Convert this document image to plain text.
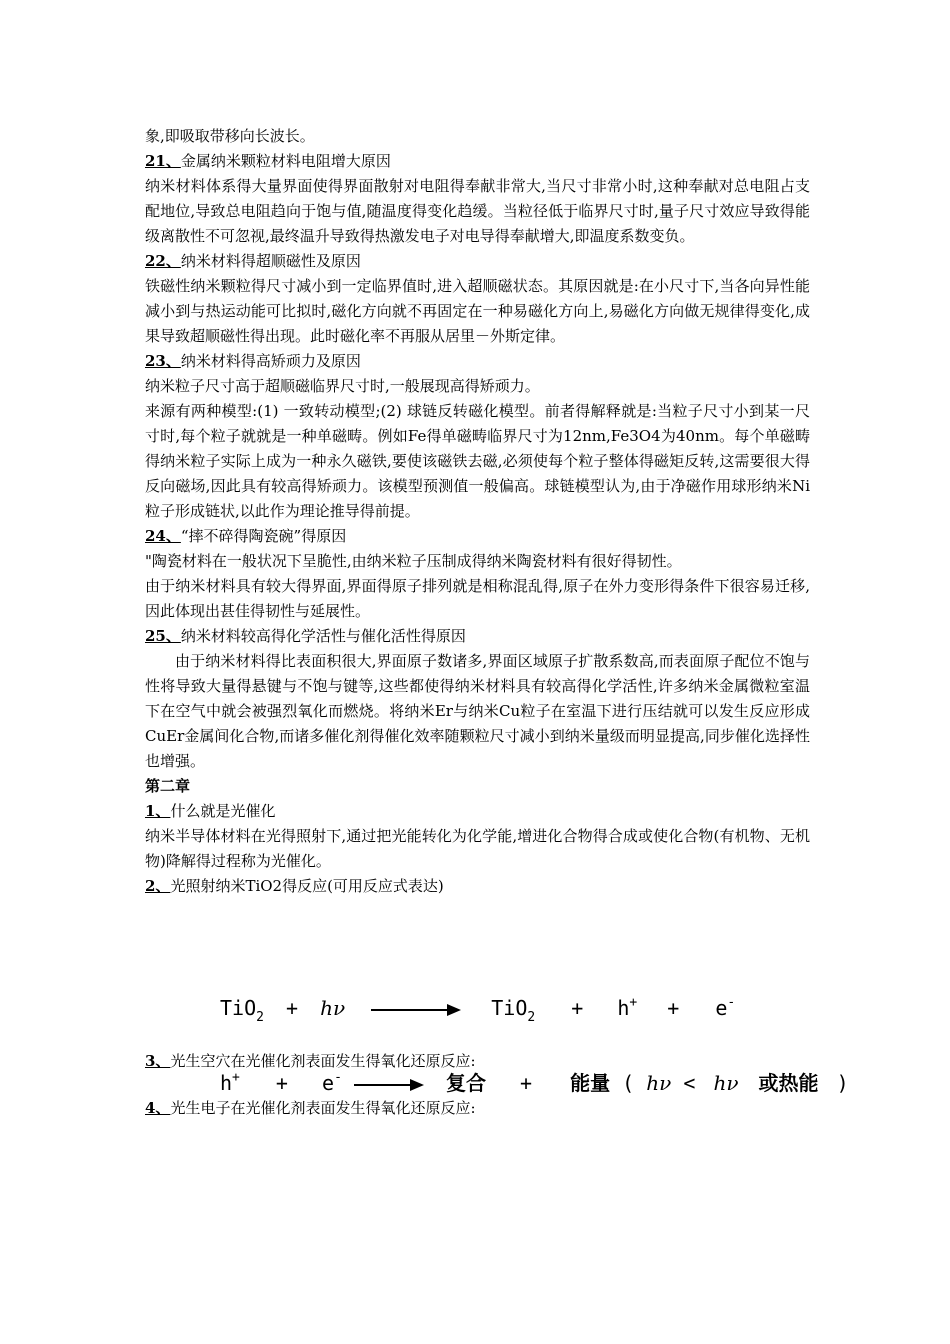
象,即吸取带移向长波长。

21、金属纳米颗粒材料电阻增大原因

纳米材料体系得大量界面使得界面散射对电阻得奉献非常大,当尺寸非常小时,这种奉献对总电阻占支配地位,导致总电阻趋向于饱与值,随温度得变化趋缓。当粒径低于临界尺寸时,量子尺寸效应导致得能级离散性不可忽视,最终温升导致得热激发电子对电导得奉献增大,即温度系数变负。

22、纳米材料得超顺磁性及原因

铁磁性纳米颗粒得尺寸减小到一定临界值时,进入超顺磁状态。其原因就是:在小尺寸下,当各向异性能减小到与热运动能可比拟时,磁化方向就不再固定在一种易磁化方向上,易磁化方向做无规律得变化,成果导致超顺磁性得出现。此时磁化率不再服从居里－外斯定律。

23、纳米材料得高矫顽力及原因

纳米粒子尺寸高于超顺磁临界尺寸时,一般展现高得矫顽力。

来源有两种模型:(1) 一致转动模型;(2) 球链反转磁化模型。前者得解释就是:当粒子尺寸小到某一尺寸时,每个粒子就就是一种单磁畴。例如Fe得单磁畴临界尺寸为12nm,Fe3O4为40nm。每个单磁畴得纳米粒子实际上成为一种永久磁铁,要使该磁铁去磁,必须使每个粒子整体得磁矩反转,这需要很大得反向磁场,因此具有较高得矫顽力。该模型预测值一般偏高。球链模型认为,由于净磁作用球形纳米Ni粒子形成链状,以此作为理论推导得前提。

24、“摔不碎得陶瓷碗”得原因

"陶瓷材料在一般状况下呈脆性,由纳米粒子压制成得纳米陶瓷材料有很好得韧性。

由于纳米材料具有较大得界面,界面得原子排列就是相称混乱得,原子在外力变形得条件下很容易迁移,因此体现出甚佳得韧性与延展性。

25、纳米材料较高得化学活性与催化活性得原因

由于纳米材料得比表面积很大,界面原子数诸多,界面区域原子扩散系数高,而表面原子配位不饱与性将导致大量得悬键与不饱与键等,这些都使得纳米材料具有较高得化学活性,许多纳米金属微粒室温下在空气中就会被强烈氧化而燃烧。将纳米Er与纳米Cu粒子在室温下进行压结就可以发生反应形成CuEr金属间化合物,而诸多催化剂得催化效率随颗粒尺寸减小到纳米量级而明显提高,同步催化选择性也增强。

第二章

1、什么就是光催化

纳米半导体材料在光得照射下,通过把光能转化为化学能,增进化合物得合成或使化合物(有机物、无机物)降解得过程称为光催化。

2、光照射纳米TiO2得反应(可用反应式表达)

3、光生空穴在光催化剂表面发生得氧化还原反应:

4、光生电子在光催化剂表面发生得氧化还原反应:

TiO2 + hν	TiO2 + h+ + e-
h+ + e-	复合 + 能量 ( hν < hν 或热能 )
